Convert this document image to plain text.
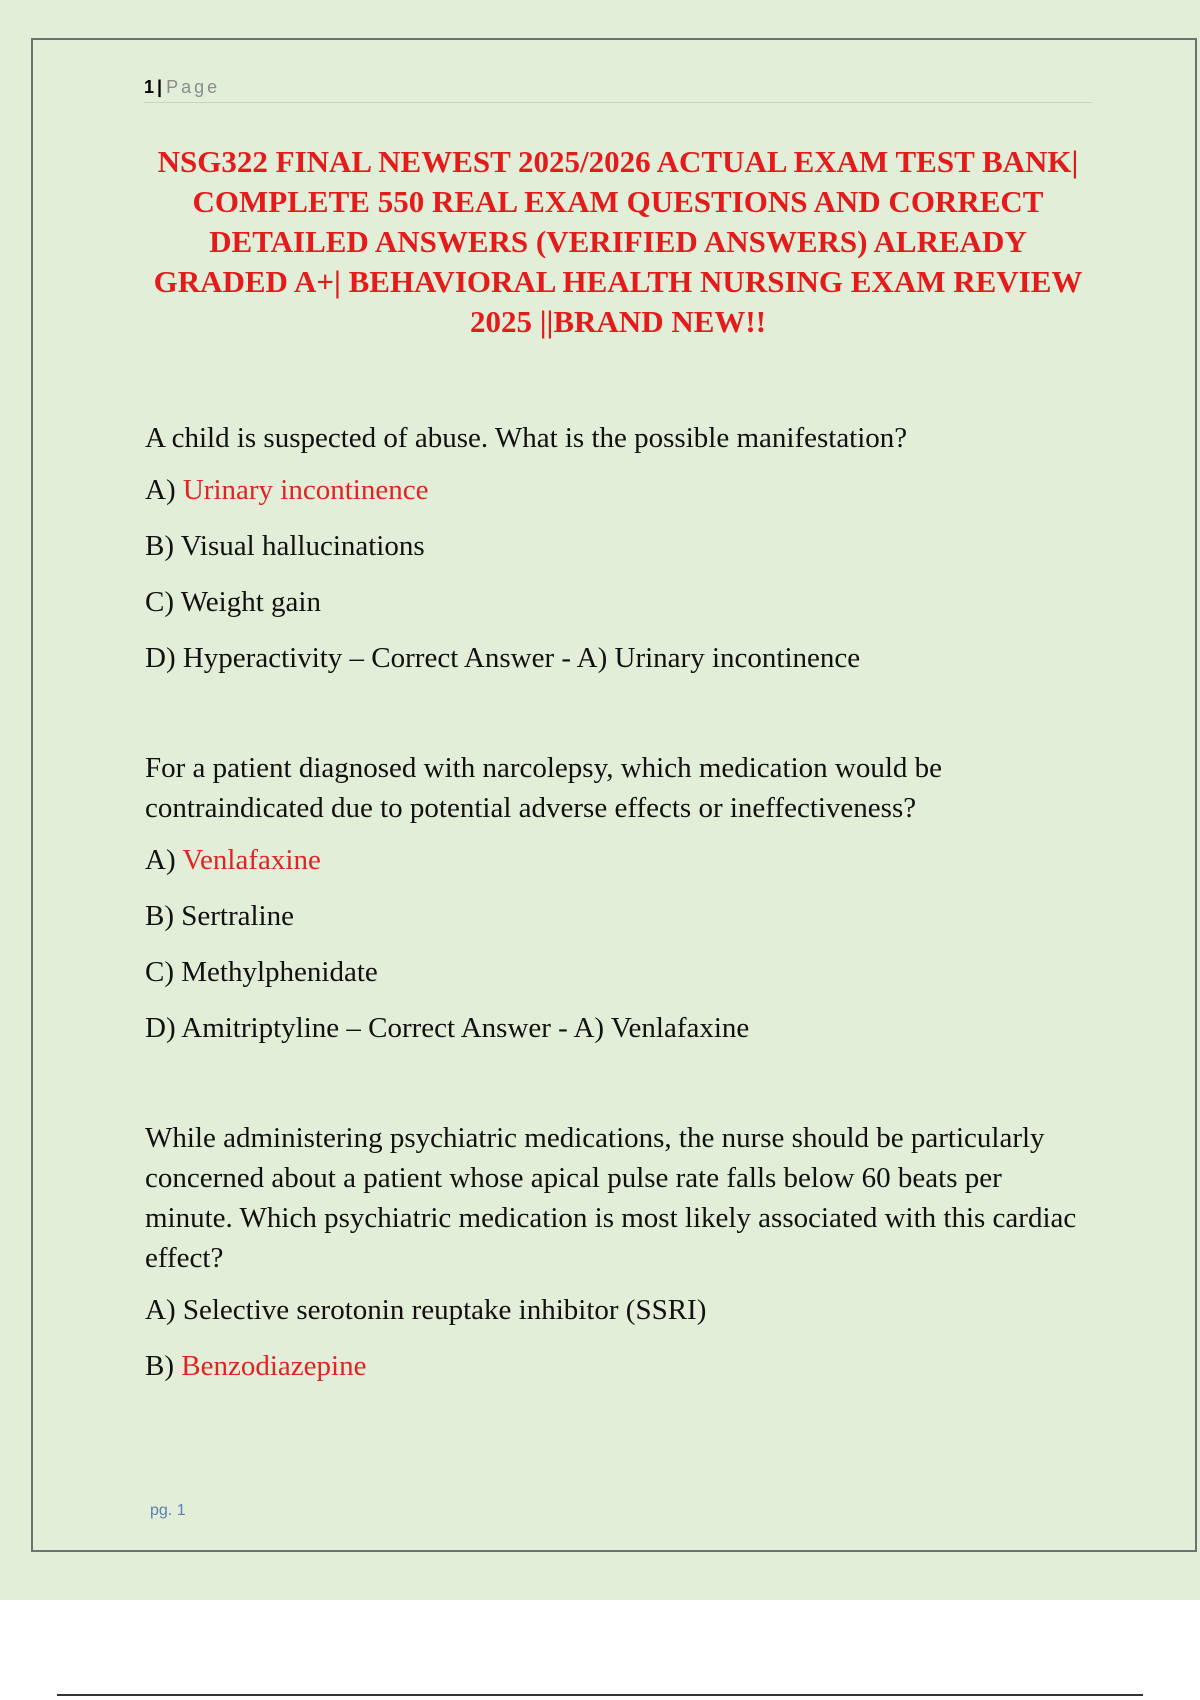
1 | Page
NSG322 FINAL NEWEST 2025/2026 ACTUAL EXAM TEST BANK| COMPLETE 550 REAL EXAM QUESTIONS AND CORRECT DETAILED ANSWERS (VERIFIED ANSWERS) ALREADY GRADED A+| BEHAVIORAL HEALTH NURSING EXAM REVIEW 2025 ||BRAND NEW!!

A child is suspected of abuse. What is the possible manifestation?

A) Urinary incontinence

B) Visual hallucinations

C) Weight gain

D) Hyperactivity – Correct Answer - A) Urinary incontinence

For a patient diagnosed with narcolepsy, which medication would be contraindicated due to potential adverse effects or ineffectiveness?

A) Venlafaxine

B) Sertraline

C) Methylphenidate

D) Amitriptyline – Correct Answer - A) Venlafaxine

While administering psychiatric medications, the nurse should be particularly concerned about a patient whose apical pulse rate falls below 60 beats per minute. Which psychiatric medication is most likely associated with this cardiac effect?

A) Selective serotonin reuptake inhibitor (SSRI)

B) Benzodiazepine

pg. 1
